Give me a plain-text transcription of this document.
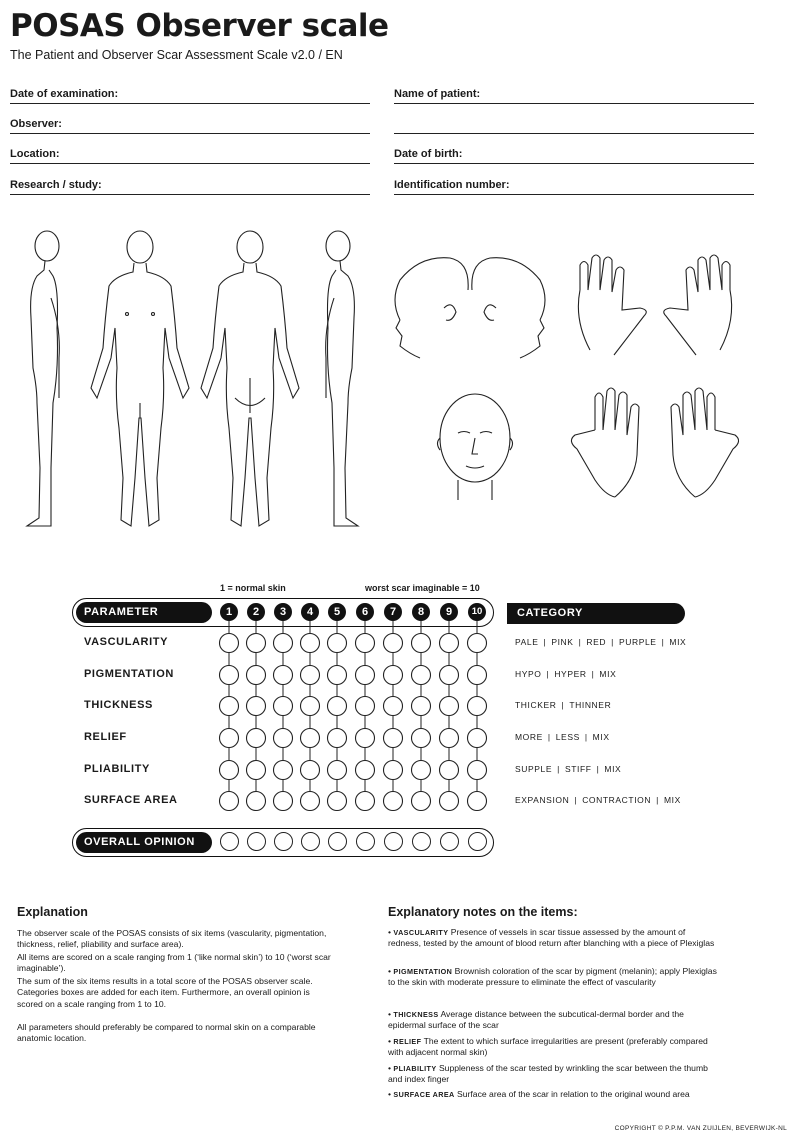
POSAS Observer scale
The Patient and Observer Scar Assessment Scale v2.0 / EN
Date of examination:
Observer:
Location:
Research / study:
Name of patient:
Date of birth:
Identification number:
1 = normal skin	worst scar imaginable = 10
PARAMETER	1	2	3	4	5	6	7	8	9	10	CATEGORY
VASCULARITY	PALE | PINK | RED | PURPLE | MIX
PIGMENTATION	HYPO | HYPER | MIX
THICKNESS	THICKER | THINNER
RELIEF	MORE | LESS | MIX
PLIABILITY	SUPPLE | STIFF | MIX
SURFACE AREA	EXPANSION | CONTRACTION | MIX
OVERALL OPINION
Explanation
The observer scale of the POSAS consists of six items (vascularity, pigmentation, thickness, relief, pliability and surface area).
All items are scored on a scale ranging from 1 (‘like normal skin’) to 10 (‘worst scar imaginable’).
The sum of the six items results in a total score of the POSAS observer scale. Categories boxes are added for each item. Furthermore, an overall opinion is scored on a scale ranging from 1 to 10.
All parameters should preferably be compared to normal skin on a comparable anatomic location.
Explanatory notes on the items:
• VASCULARITY Presence of vessels in scar tissue assessed by the amount of redness, tested by the amount of blood return after blanching with a piece of Plexiglas
• PIGMENTATION Brownish coloration of the scar by pigment (melanin); apply Plexiglas to the skin with moderate pressure to eliminate the effect of vascularity
• THICKNESS Average distance between the subcutical-dermal border and the epidermal surface of the scar
• RELIEF The extent to which surface irregularities are present (preferably compared with adjacent normal skin)
• PLIABILITY Suppleness of the scar tested by wrinkling the scar between the thumb and index finger
• SURFACE AREA Surface area of the scar in relation to the original wound area
COPYRIGHT © P.P.M. VAN ZUIJLEN, BEVERWIJK-NL
